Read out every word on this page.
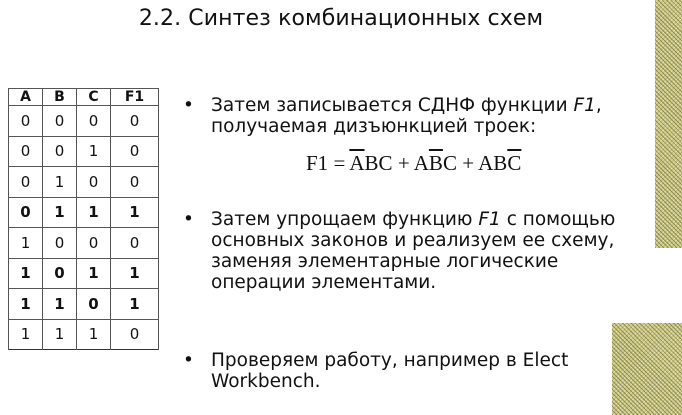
2.2. Синтез комбинационных схем
A	B	C	F1
0	0	0	0
0	0	1	0
0	1	0	0
0	1	1	1
1	0	0	0
1	0	1	1
1	1	0	1
1	1	1	0
• Затем записывается СДНФ функции F1,
получаемая дизъюнкцией троек:
$F1 = \overline{A}BC + A\overline{B}C + AB\overline{C}$
• Затем упрощаем функцию F1 с помощью
основных законов и реализуем ее схему,
заменяя элементарные логические
операции элементами.
• Проверяем работу, например в Elect
Workbench.
